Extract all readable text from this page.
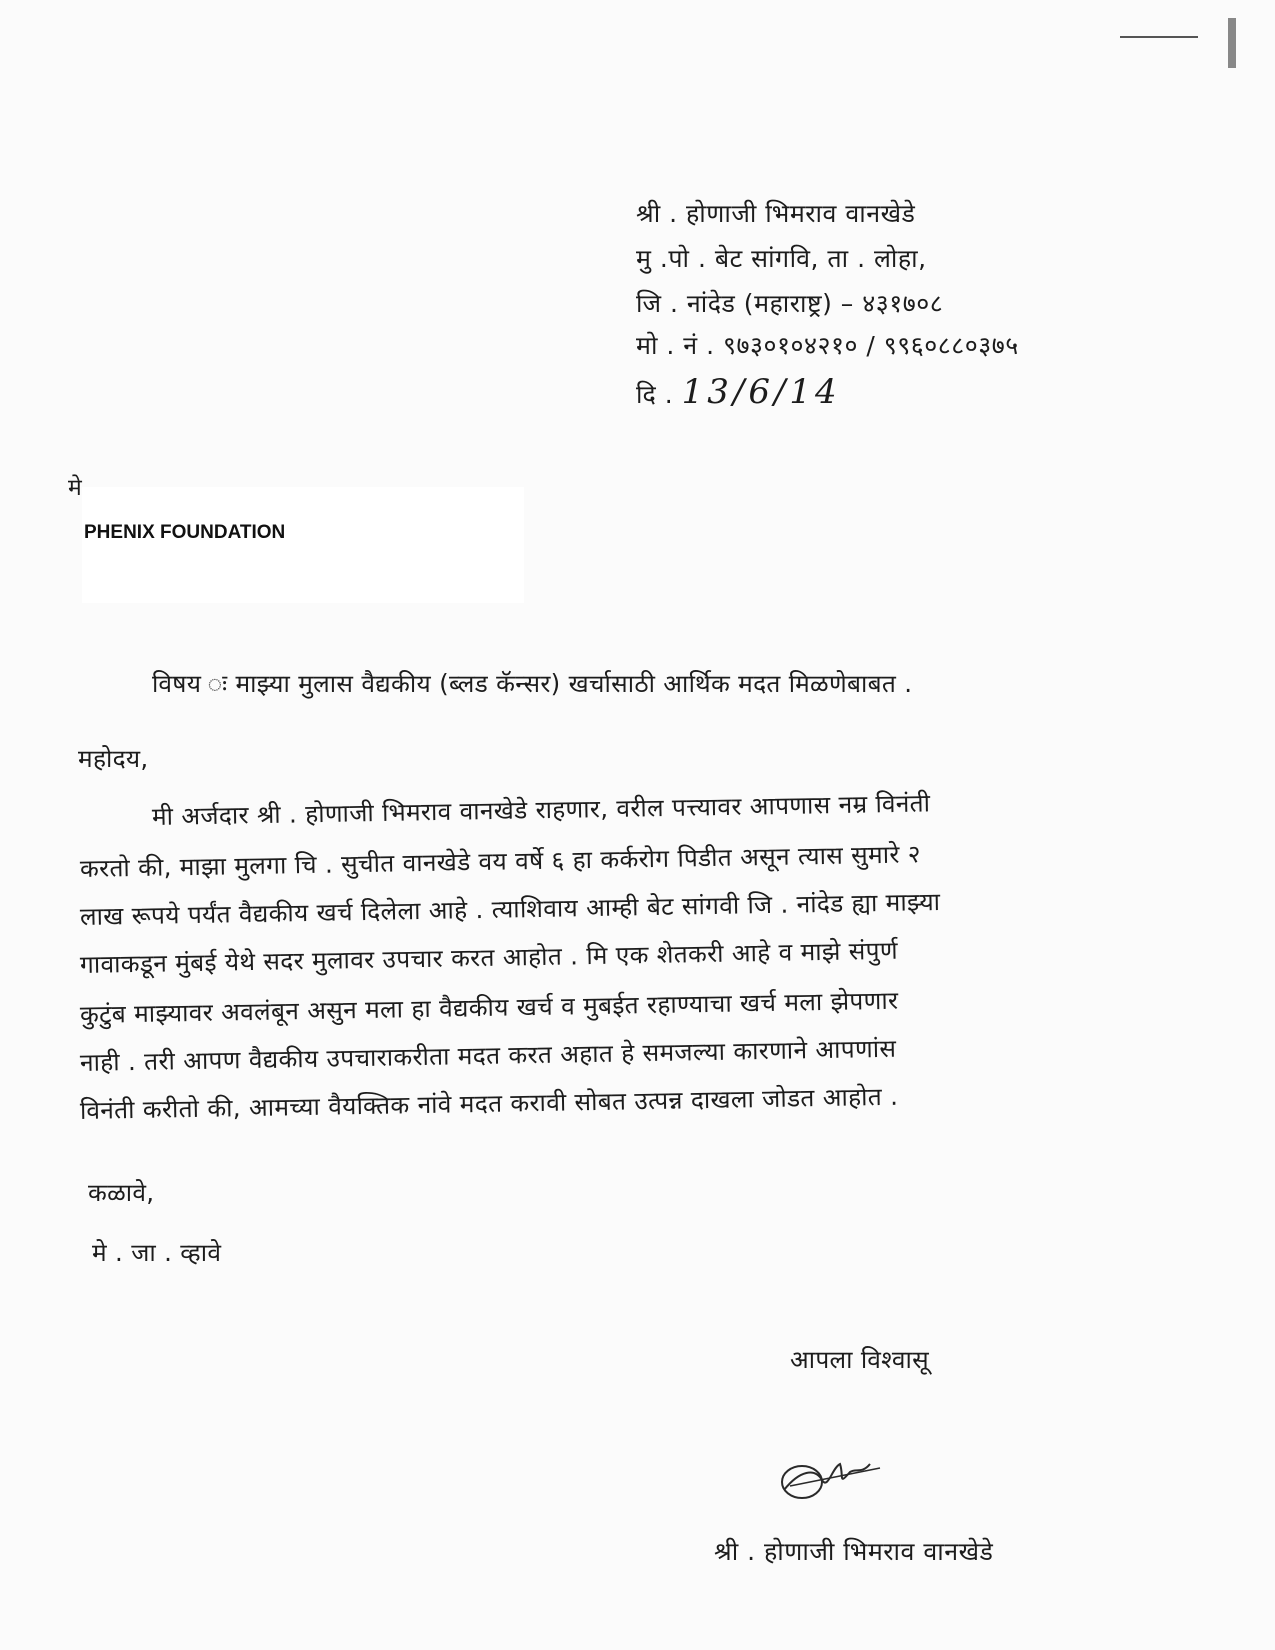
श्री . होणाजी भिमराव वानखेडे
मु .पो . बेट सांगवि, ता . लोहा,
जि . नांदेड (महाराष्ट्र) – ४३१७०८
मो . नं . ९७३०१०४२१० / ९९६०८८०३७५
दि . 13/6/14
मे
PHENIX FOUNDATION
विषय ः माझ्या मुलास वैद्यकीय (ब्लड कॅन्सर) खर्चासाठी आर्थिक मदत मिळणेबाबत .
महोदय,
मी अर्जदार श्री . होणाजी भिमराव वानखेडे राहणार, वरील पत्त्यावर आपणास नम्र विनंती
करतो की, माझा मुलगा चि . सुचीत वानखेडे वय वर्षे ६ हा कर्करोग पिडीत असून त्यास सुमारे २
लाख रूपये पर्यंत वैद्यकीय खर्च दिलेला आहे . त्याशिवाय आम्ही बेट सांगवी जि . नांदेड ह्या माझ्या
गावाकडून मुंबई येथे सदर मुलावर उपचार करत आहोत . मि एक शेतकरी आहे व माझे संपुर्ण
कुटुंब माझ्यावर अवलंबून असुन मला हा वैद्यकीय खर्च व मुबईत रहाण्याचा खर्च मला झेपणार
नाही . तरी आपण वैद्यकीय उपचाराकरीता मदत करत अहात हे समजल्या कारणाने आपणांस
विनंती करीतो की, आमच्या वैयक्तिक नांवे मदत करावी सोबत उत्पन्न दाखला जोडत आहोत .
कळावे,
मे . जा . व्हावे
आपला विश्वासू
श्री . होणाजी भिमराव वानखेडे
